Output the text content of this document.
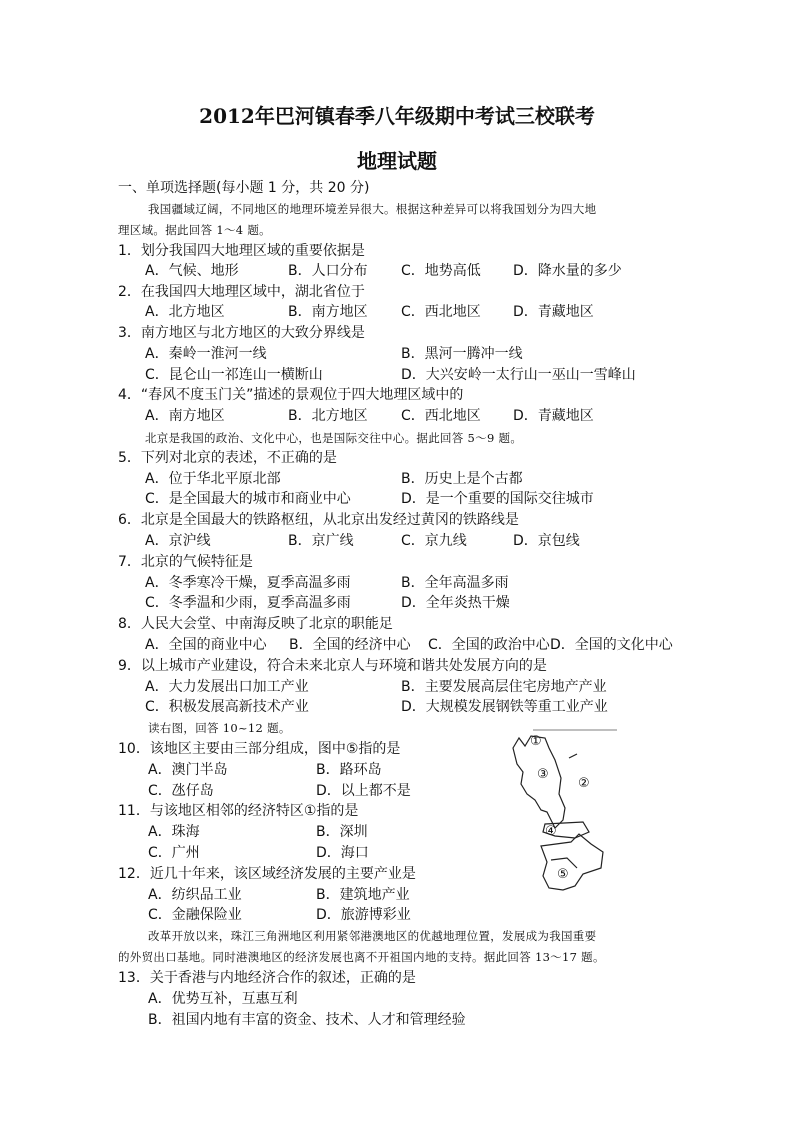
2012年巴河镇春季八年级期中考试三校联考
地理试题
一、单项选择题(每小题 1 分，共 20 分)
我国疆域辽阔，不同地区的地理环境差异很大。根据这种差异可以将我国划分为四大地
理区域。据此回答 1～4 题。
1．划分我国四大地理区域的重要依据是
A．气候、地形	B．人口分布 C．地势高低 D．降水量的多少
2．在我国四大地理区域中，湖北省位于
A．北方地区	B．南方地区 C．西北地区 D．青藏地区
3．南方地区与北方地区的大致分界线是
A．秦岭一淮河一线	B．黑河一腾冲一线
C．昆仑山一祁连山一横断山	D．大兴安岭一太行山一巫山一雪峰山
4．“春风不度玉门关”描述的景观位于四大地理区域中的
A．南方地区	B．北方地区 C．西北地区 D．青藏地区
北京是我国的政治、文化中心，也是国际交往中心。据此回答 5～9 题。
5．下列对北京的表述，不正确的是
A．位于华北平原北部	B．历史上是个古都
C．是全国最大的城市和商业中心	D．是一个重要的国际交往城市
6．北京是全国最大的铁路枢纽，从北京出发经过黄冈的铁路线是
A．京沪线	B．京广线	C．京九线	D．京包线
7．北京的气候特征是
A．冬季寒冷干燥，夏季高温多雨	B．全年高温多雨
C．冬季温和少雨，夏季高温多雨	D．全年炎热干燥
8．人民大会堂、中南海反映了北京的职能足
A．全国的商业中心 B．全国的经济中心 C．全国的政治中心 D．全国的文化中心
9．以上城市产业建设，符合未来北京人与环境和谐共处发展方向的是
A．大力发展出口加工产业	B．主要发展高层住宅房地产产业
C．积极发展高新技术产业	D．大规模发展钢铁等重工业产业
读右图，回答 10~12 题。
10．该地区主要由三部分组成，图中⑤指的是
A．澳门半岛	B．路环岛
C．氹仔岛	D．以上都不是
11．与该地区相邻的经济特区①指的是
A．珠海	B．深圳
C．广州	D．海口
12．近几十年来，该区域经济发展的主要产业是
A．纺织品工业	B．建筑地产业
C．金融保险业	D．旅游博彩业
改革开放以来，珠江三角洲地区利用紧邻港澳地区的优越地理位置，发展成为我国重要
的外贸出口基地。同时港澳地区的经济发展也离不开祖国内地的支持。据此回答 13～17 题。
13．关于香港与内地经济合作的叙述，正确的是
A．优势互补，互惠互利
B．祖国内地有丰富的资金、技术、人才和管理经验
①
②
③
④
⑤
